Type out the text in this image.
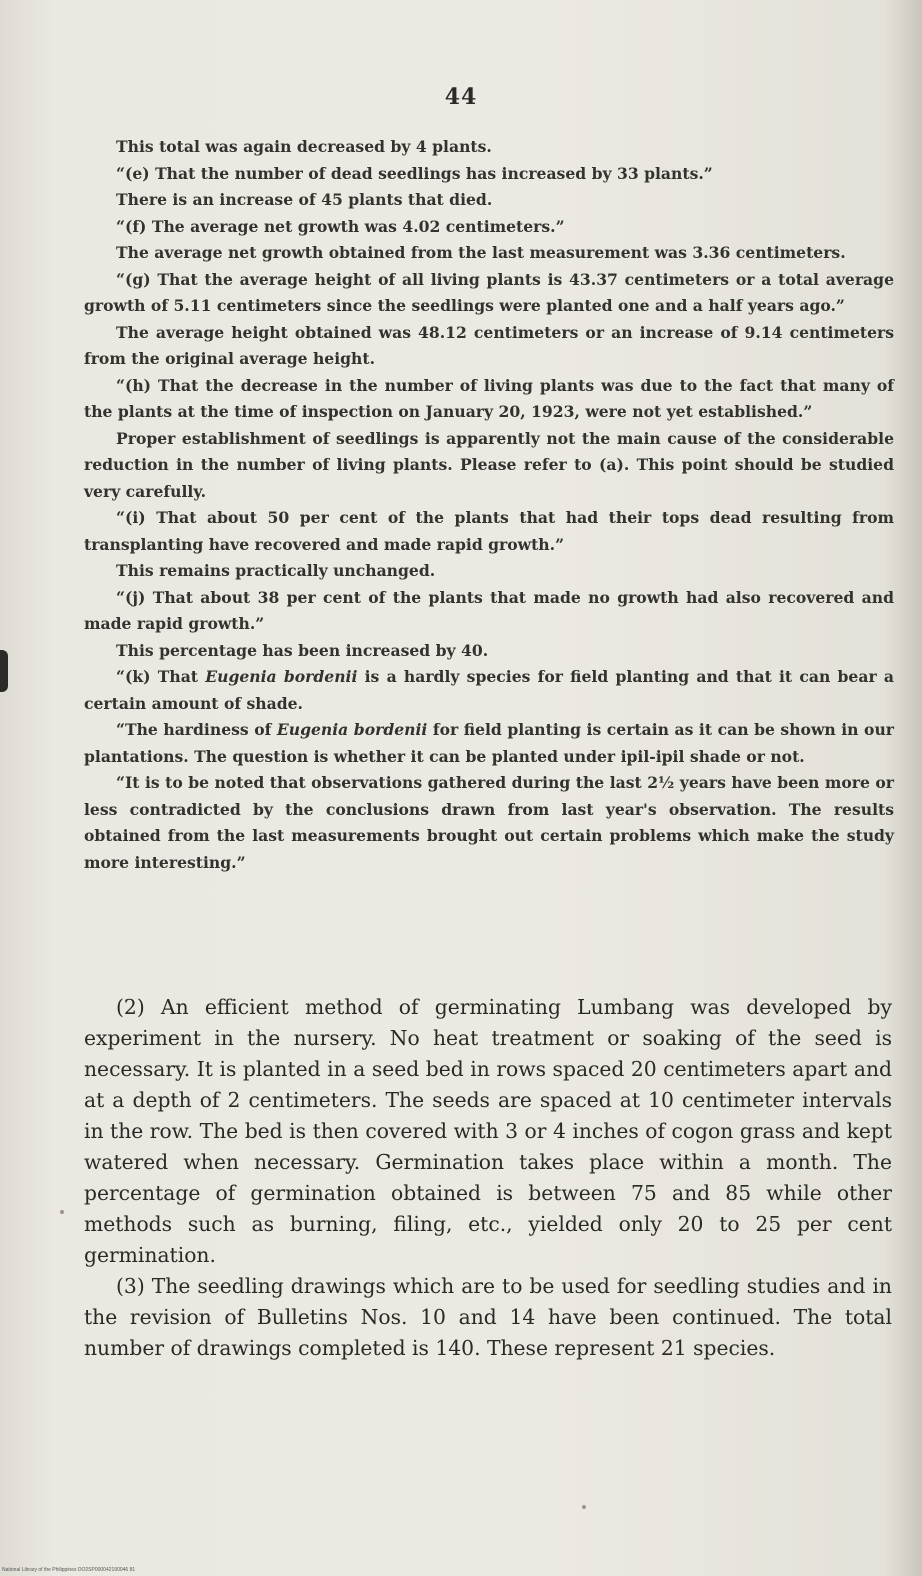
44

This total was again decreased by 4 plants.

“(e) That the number of dead seedlings has increased by 33 plants.”

There is an increase of 45 plants that died.

“(f) The average net growth was 4.02 centimeters.”

The average net growth obtained from the last measurement was 3.36 centimeters.

“(g) That the average height of all living plants is 43.37 centimeters or a total average growth of 5.11 centimeters since the seedlings were planted one and a half years ago.”

The average height obtained was 48.12 centimeters or an increase of 9.14 centimeters from the original average height.

“(h) That the decrease in the number of living plants was due to the fact that many of the plants at the time of inspection on January 20, 1923, were not yet established.”

Proper establishment of seedlings is apparently not the main cause of the considerable reduction in the number of living plants. Please refer to (a). This point should be studied very carefully.

“(i) That about 50 per cent of the plants that had their tops dead resulting from transplanting have recovered and made rapid growth.”

This remains practically unchanged.

“(j) That about 38 per cent of the plants that made no growth had also recovered and made rapid growth.”

This percentage has been increased by 40.

“(k) That Eugenia bordenii is a hardly species for field planting and that it can bear a certain amount of shade.

“The hardiness of Eugenia bordenii for field planting is certain as it can be shown in our plantations. The question is whether it can be planted under ipil-ipil shade or not.

“It is to be noted that observations gathered during the last 2½ years have been more or less contradicted by the conclusions drawn from last year's observation. The results obtained from the last measurements brought out certain problems which make the study more interesting.”

(2) An efficient method of germinating Lumbang was developed by experiment in the nursery. No heat treatment or soaking of the seed is necessary. It is planted in a seed bed in rows spaced 20 centimeters apart and at a depth of 2 centimeters. The seeds are spaced at 10 centimeter intervals in the row. The bed is then covered with 3 or 4 inches of cogon grass and kept watered when necessary. Germination takes place within a month. The percentage of germination obtained is between 75 and 85 while other methods such as burning, filing, etc., yielded only 20 to 25 per cent germination.

(3) The seedling drawings which are to be used for seedling studies and in the revision of Bulletins Nos. 10 and 14 have been continued. The total number of drawings completed is 140. These represent 21 species.

National Library of the Philippines DO2SP000042190046 81
